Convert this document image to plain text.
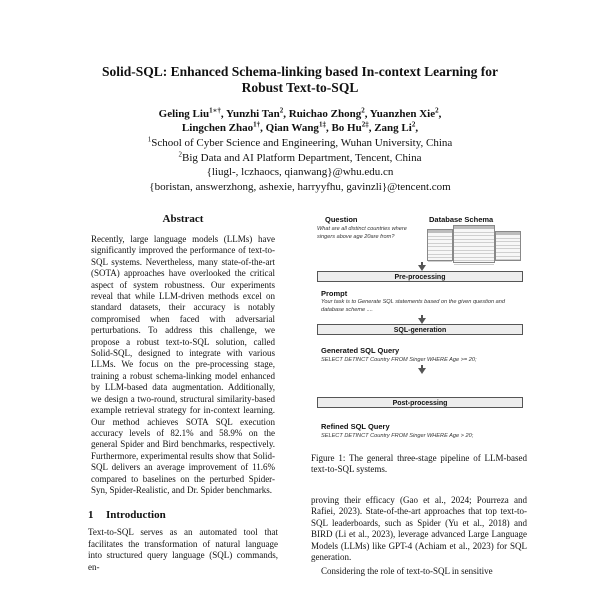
Solid-SQL: Enhanced Schema-linking based In-context Learning for
Robust Text-to-SQL
Geling Liu$^{1∗\dagger}$, Yunzhi Tan$^2$, Ruichao Zhong$^2$, Yuanzhen Xie$^2$,
Lingchen Zhao$^{1\dagger}$, Qian Wang$^{1\ddagger}$, Bo $Hu^{2\ddagger}$, Zang Li$^2$,
$^1$School of Cyber Science and Engineering, Wuhan University, China
$^2$Big Data and AI Platform Department, Tencent, China
{liugl-, lczhaocs, qianwang}@whu.edu.cn
{boristan, answerzhong, ashexie, harryyfhu, gavinzli}@tencent.com
Abstract

Recently, large language models (LLMs) have significantly improved the performance of text-to-SQL systems. Nevertheless, many state-of-the-art (SOTA) approaches have overlooked the critical aspect of system robustness. Our experiments reveal that while LLM-driven methods excel on standard datasets, their accuracy is notably compromised when faced with adversarial perturbations. To address this challenge, we propose a robust text-to-SQL solution, called Solid-SQL, designed to integrate with various LLMs. We focus on the pre-processing stage, training a robust schema-linking model enhanced by LLM-based data augmentation. Additionally, we design a two-round, structural similarity-based example retrieval strategy for in-context learning. Our method achieves SOTA SQL execution accuracy levels of 82.1% and 58.9% on the general Spider and Bird benchmarks, respectively. Furthermore, experimental results show that Solid-SQL delivers an average improvement of 11.6% compared to baselines on the perturbed Spider-Syn, Spider-Realistic, and Dr. Spider benchmarks.

1 Introduction

Text-to-SQL serves as an automated tool that facilitates the transformation of natural language into structured query language (SQL) commands, en-

Question
What are all distinct countries where singers above age 20are from?
Database Schema
Pre-processing
Prompt
Your task is to Generate SQL statements based on the given question and database scheme ....
SQL-generation
Generated SQL Query
SELECT DETINCT Country FROM Singer WHERE Age >= 20;
Post-processing
Refined SQL Query
SELECT DETINCT Country FROM Singer WHERE Age > 20;

Figure 1: The general three-stage pipeline of LLM-based text-to-SQL systems.

proving their efficacy (Gao et al., 2024; Pourreza and Rafiei, 2023). State-of-the-art approaches that top text-to-SQL leaderboards, such as Spider (Yu et al., 2018) and BIRD (Li et al., 2023), leverage advanced Large Language Models (LLMs) like GPT-4 (Achiam et al., 2023) for SQL generation.

Considering the role of text-to-SQL in sensitive
